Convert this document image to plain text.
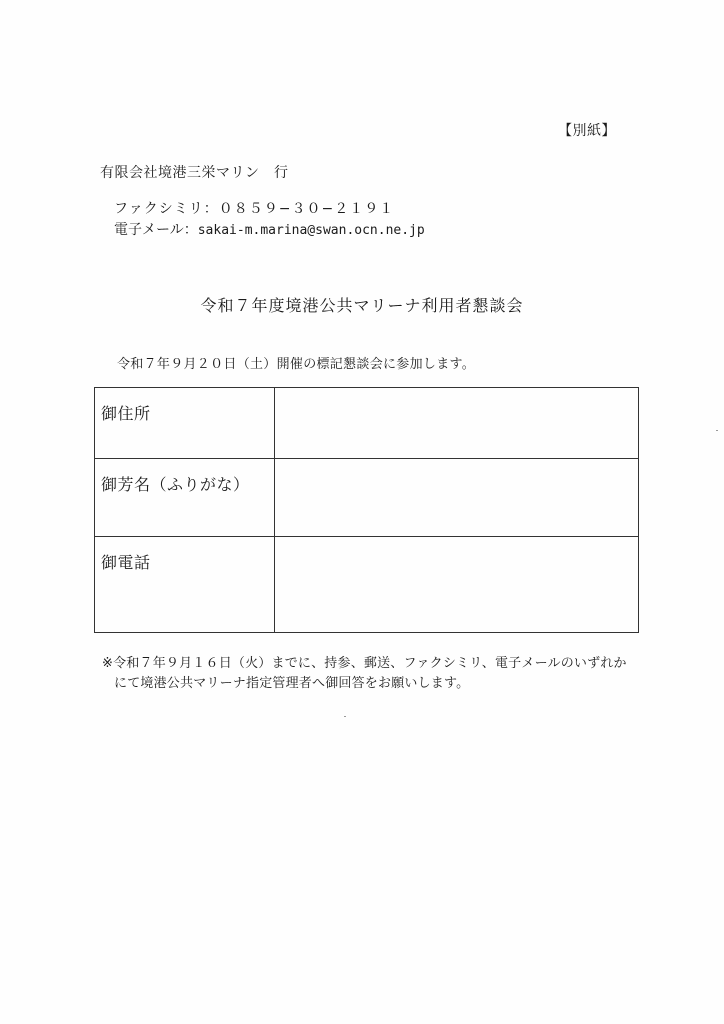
【別紙】
有限会社境港三栄マリン　行
ファクシミリ：０８５９−３０−２１９１
電子メール：sakai-m.marina@swan.ocn.ne.jp
令和７年度境港公共マリーナ利用者懇談会
令和７年９月２０日（土）開催の標記懇談会に参加します。
御住所
御芳名（ふりがな）
御電話
※令和７年９月１６日（火）までに、持参、郵送、ファクシミリ、電子メールのいずれか
にて境港公共マリーナ指定管理者へ御回答をお願いします。
